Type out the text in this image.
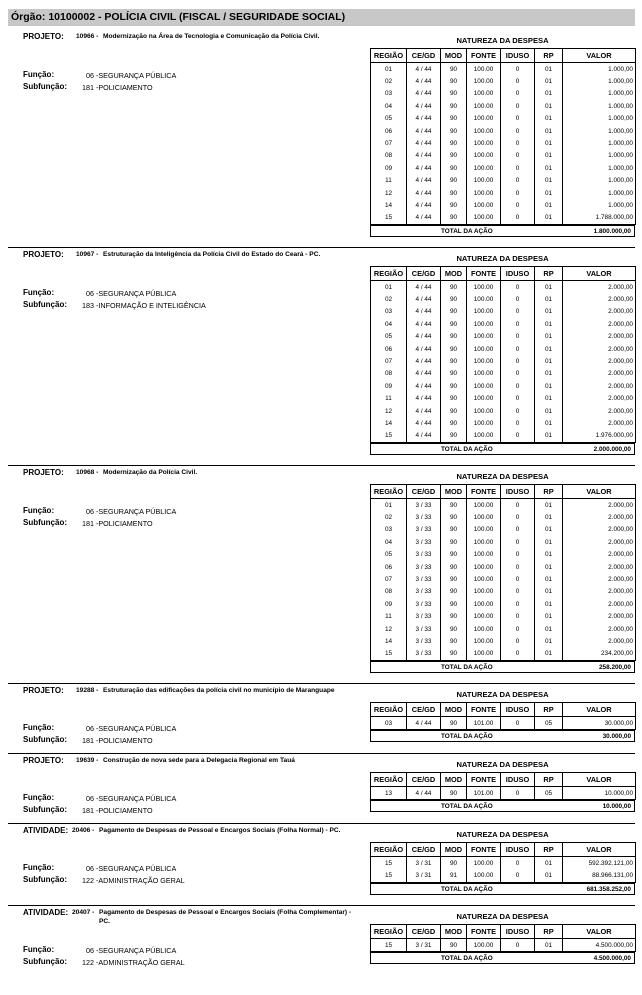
Órgão: 10100002 - POLÍCIA CIVIL (FISCAL / SEGURIDADE SOCIAL)
PROJETO: 10966 - Modernização na Área de Tecnologia e Comunicação da Polícia Civil.
Função:	06 -SEGURANÇA PÚBLICA
Subfunção: 181 -POLICIAMENTO
NATUREZA DA DESPESA
REGIÃO	CE/GD	MOD	FONTE	IDUSO	RP	VALOR
01	4 / 44	90	100.00	0	01	1.000,00
02	4 / 44	90	100.00	0	01	1.000,00
03	4 / 44	90	100.00	0	01	1.000,00
04	4 / 44	90	100.00	0	01	1.000,00
05	4 / 44	90	100.00	0	01	1.000,00
06	4 / 44	90	100.00	0	01	1.000,00
07	4 / 44	90	100.00	0	01	1.000,00
08	4 / 44	90	100.00	0	01	1.000,00
09	4 / 44	90	100.00	0	01	1.000,00
11	4 / 44	90	100.00	0	01	1.000,00
12	4 / 44	90	100.00	0	01	1.000,00
14	4 / 44	90	100.00	0	01	1.000,00
15	4 / 44	90	100.00	0	01	1.788.000,00
TOTAL DA AÇÃO	1.800.000,00
PROJETO: 10967 - Estruturação da Inteligência da Polícia Civil do Estado do Ceará - PC.
Função:	06 -SEGURANÇA PÚBLICA
Subfunção: 183 -INFORMAÇÃO E INTELIGÊNCIA
NATUREZA DA DESPESA
REGIÃO	CE/GD	MOD	FONTE	IDUSO	RP	VALOR
01	4 / 44	90	100.00	0	01	2.000,00
02	4 / 44	90	100.00	0	01	2.000,00
03	4 / 44	90	100.00	0	01	2.000,00
04	4 / 44	90	100.00	0	01	2.000,00
05	4 / 44	90	100.00	0	01	2.000,00
06	4 / 44	90	100.00	0	01	2.000,00
07	4 / 44	90	100.00	0	01	2.000,00
08	4 / 44	90	100.00	0	01	2.000,00
09	4 / 44	90	100.00	0	01	2.000,00
11	4 / 44	90	100.00	0	01	2.000,00
12	4 / 44	90	100.00	0	01	2.000,00
14	4 / 44	90	100.00	0	01	2.000,00
15	4 / 44	90	100.00	0	01	1.976.000,00
TOTAL DA AÇÃO	2.000.000,00
PROJETO: 10968 - Modernização da Polícia Civil.
Função:	06 -SEGURANÇA PÚBLICA
Subfunção: 181 -POLICIAMENTO
NATUREZA DA DESPESA
REGIÃO	CE/GD	MOD	FONTE	IDUSO	RP	VALOR
01	3 / 33	90	100.00	0	01	2.000,00
02	3 / 33	90	100.00	0	01	2.000,00
03	3 / 33	90	100.00	0	01	2.000,00
04	3 / 33	90	100.00	0	01	2.000,00
05	3 / 33	90	100.00	0	01	2.000,00
06	3 / 33	90	100.00	0	01	2.000,00
07	3 / 33	90	100.00	0	01	2.000,00
08	3 / 33	90	100.00	0	01	2.000,00
09	3 / 33	90	100.00	0	01	2.000,00
11	3 / 33	90	100.00	0	01	2.000,00
12	3 / 33	90	100.00	0	01	2.000,00
14	3 / 33	90	100.00	0	01	2.000,00
15	3 / 33	90	100.00	0	01	234.200,00
TOTAL DA AÇÃO	258.200,00
PROJETO: 19288 - Estruturação das edificações da polícia civil no município de Maranguape
Função:	06 -SEGURANÇA PÚBLICA
Subfunção: 181 -POLICIAMENTO
NATUREZA DA DESPESA
REGIÃO	CE/GD	MOD	FONTE	IDUSO	RP	VALOR
03	4 / 44	90	101.00	0	05	30.000,00
TOTAL DA AÇÃO	30.000,00
PROJETO: 19639 - Construção de nova sede para a Delegacia Regional em Tauá
Função:	06 -SEGURANÇA PÚBLICA
Subfunção: 181 -POLICIAMENTO
NATUREZA DA DESPESA
REGIÃO	CE/GD	MOD	FONTE	IDUSO	RP	VALOR
13	4 / 44	90	101.00	0	05	10.000,00
TOTAL DA AÇÃO	10.000,00
ATIVIDADE: 20406 - Pagamento de Despesas de Pessoal e Encargos Sociais (Folha Normal) - PC.
Função:	06 -SEGURANÇA PÚBLICA
Subfunção: 122 -ADMINISTRAÇÃO GERAL
NATUREZA DA DESPESA
REGIÃO	CE/GD	MOD	FONTE	IDUSO	RP	VALOR
15	3 / 31	90	100.00	0	01	592.392.121,00
15	3 / 31	91	100.00	0	01	88.966.131,00
TOTAL DA AÇÃO	681.358.252,00
ATIVIDADE: 20407 - Pagamento de Despesas de Pessoal e Encargos Sociais (Folha Complementar) - PC.
Função:	06 -SEGURANÇA PÚBLICA
Subfunção: 122 -ADMINISTRAÇÃO GERAL
NATUREZA DA DESPESA
REGIÃO	CE/GD	MOD	FONTE	IDUSO	RP	VALOR
15	3 / 31	90	100.00	0	01	4.500.000,00
TOTAL DA AÇÃO	4.500.000,00
